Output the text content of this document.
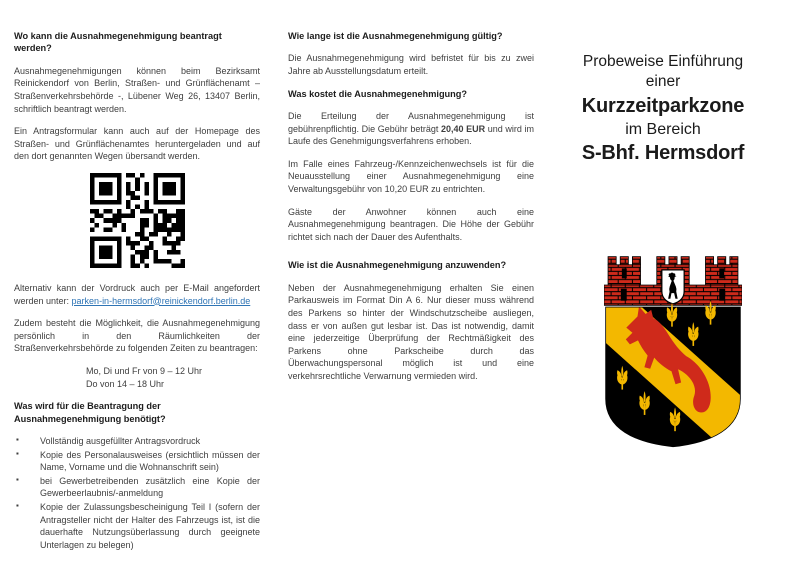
Wo kann die Ausnahmegenehmigung beantragt werden?

Ausnahmegenehmigungen können beim Bezirksamt Reinickendorf von Berlin, Straßen- und Grünflächenamt – Straßenverkehrsbehörde -, Lübener Weg 26, 13407 Berlin, schriftlich beantragt werden.

Ein Antragsformular kann auch auf der Homepage des Straßen- und Grünflächenamtes heruntergeladen und auf den dort genannten Wegen übersandt werden.

Alternativ kann der Vordruck auch per E-Mail angefordert werden unter: parken-in-hermsdorf@reinickendorf.berlin.de

Zudem besteht die Möglichkeit, die Ausnahmegenehmigung persönlich in den Räumlichkeiten der Straßenverkehrsbehörde zu folgenden Zeiten zu beantragen:

Mo, Di und Fr von 9 – 12 Uhr
Do von 14 – 18 Uhr

Was wird für die Beantragung der Ausnahmegenehmigung benötigt?
▪ Vollständig ausgefüllter Antragsvordruck
▪ Kopie des Personalausweises (ersichtlich müssen der Name, Vorname und die Wohnanschrift sein)
▪ bei Gewerbetreibenden zusätzlich eine Kopie der Gewerbeerlaubnis/-anmeldung
▪ Kopie der Zulassungsbescheinigung Teil I (sofern der Antragsteller nicht der Halter des Fahrzeugs ist, ist die dauerhafte Nutzungsüberlassung durch geeignete Unterlagen zu belegen)
Wie lange ist die Ausnahmegenehmigung gültig?

Die Ausnahmegenehmigung wird befristet für bis zu zwei Jahre ab Ausstellungsdatum erteilt.

Was kostet die Ausnahmegenehmigung?

Die Erteilung der Ausnahmegenehmigung ist gebührenpflichtig. Die Gebühr beträgt 20,40 EUR und wird im Laufe des Genehmigungsverfahrens erhoben.

Im Falle eines Fahrzeug-/Kennzeichenwechsels ist für die Neuausstellung einer Ausnahmegenehmigung eine Verwaltungsgebühr von 10,20 EUR zu entrichten.

Gäste der Anwohner können auch eine Ausnahmegenehmigung beantragen. Die Höhe der Gebühr richtet sich nach der Dauer des Aufenthalts.

Wie ist die Ausnahmegenehmigung anzuwenden?

Neben der Ausnahmegenehmigung erhalten Sie einen Parkausweis im Format Din A 6. Nur dieser muss während des Parkens so hinter der Windschutzscheibe ausliegen, dass er von außen gut lesbar ist. Das ist notwendig, damit eine jederzeitige Überprüfung der Rechtmäßigkeit des Parkens ohne Parkscheibe durch das Überwachungspersonal möglich ist und eine verkehrsrechtliche Verwarnung vermieden wird.

Probeweise Einführung
einer
Kurzzeitparkzone
im Bereich
S-Bhf. Hermsdorf
